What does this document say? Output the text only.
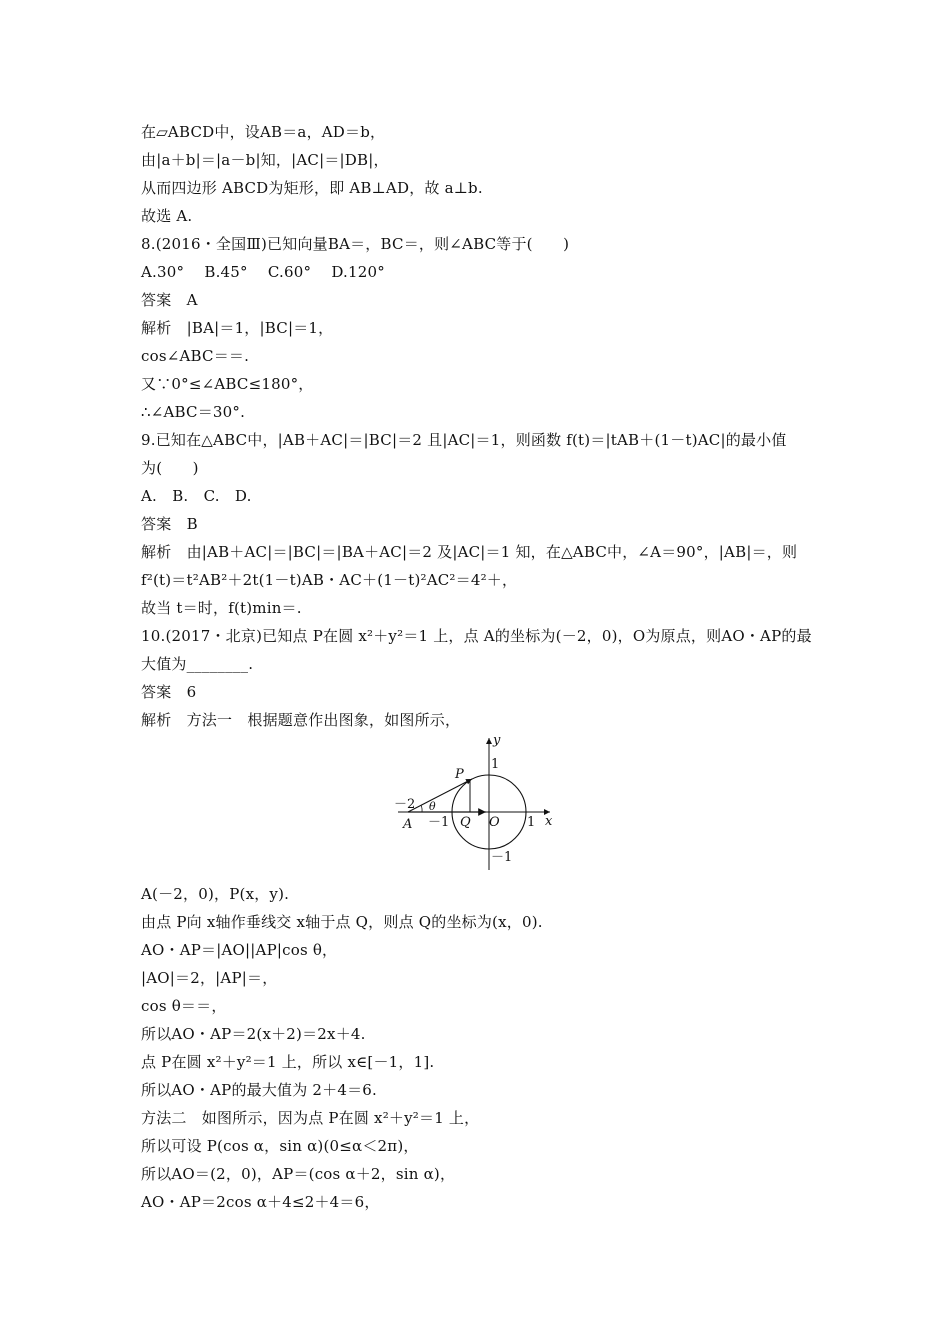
在▱ABCD中，设AB＝a，AD＝b，
由|a＋b|＝|a－b|知，|AC|＝|DB|，
从而四边形 ABCD为矩形，即 AB⊥AD，故 a⊥b.
故选 A.
8.(2016・全国Ⅲ)已知向量BA＝，BC＝，则∠ABC等于(　　)
A.30°　 B.45°　 C.60°　 D.120°
答案　A
解析　|BA|＝1，|BC|＝1，
cos∠ABC＝＝.
又∵0°≤∠ABC≤180°，
∴∠ABC＝30°.
9.已知在△ABC中，|AB＋AC|＝|BC|＝2 且|AC|＝1，则函数 f(t)＝|tAB＋(1－t)AC|的最小值
为(　　)
A.　B.　C.　D.
答案　B
解析　由|AB＋AC|＝|BC|＝|BA＋AC|＝2 及|AC|＝1 知，在△ABC中，∠A＝90°，|AB|＝，则
f²(t)＝t²AB²＋2t(1－t)AB・AC＋(1－t)²AC²＝4²＋，
故当 t＝时，f(t)min＝.
10.(2017・北京)已知点 P在圆 x²＋y²＝1 上，点 A的坐标为(－2，0)，O为原点，则AO・AP的最
大值为________.
答案　6
解析　方法一　根据题意作出图象，如图所示，
y
1
－1
－2
A －1 Q O 1 x
P
θ
A(－2，0)，P(x，y).
由点 P向 x轴作垂线交 x轴于点 Q，则点 Q的坐标为(x，0).
AO・AP＝|AO||AP|cos θ，
|AO|＝2，|AP|＝，
cos θ＝＝，
所以AO・AP＝2(x＋2)＝2x＋4.
点 P在圆 x²＋y²＝1 上，所以 x∈[－1，1].
所以AO・AP的最大值为 2＋4＝6.
方法二　如图所示，因为点 P在圆 x²＋y²＝1 上，
所以可设 P(cos α，sin α)(0≤α＜2π)，
所以AO＝(2，0)，AP＝(cos α＋2，sin α)，
AO・AP＝2cos α＋4≤2＋4＝6，
